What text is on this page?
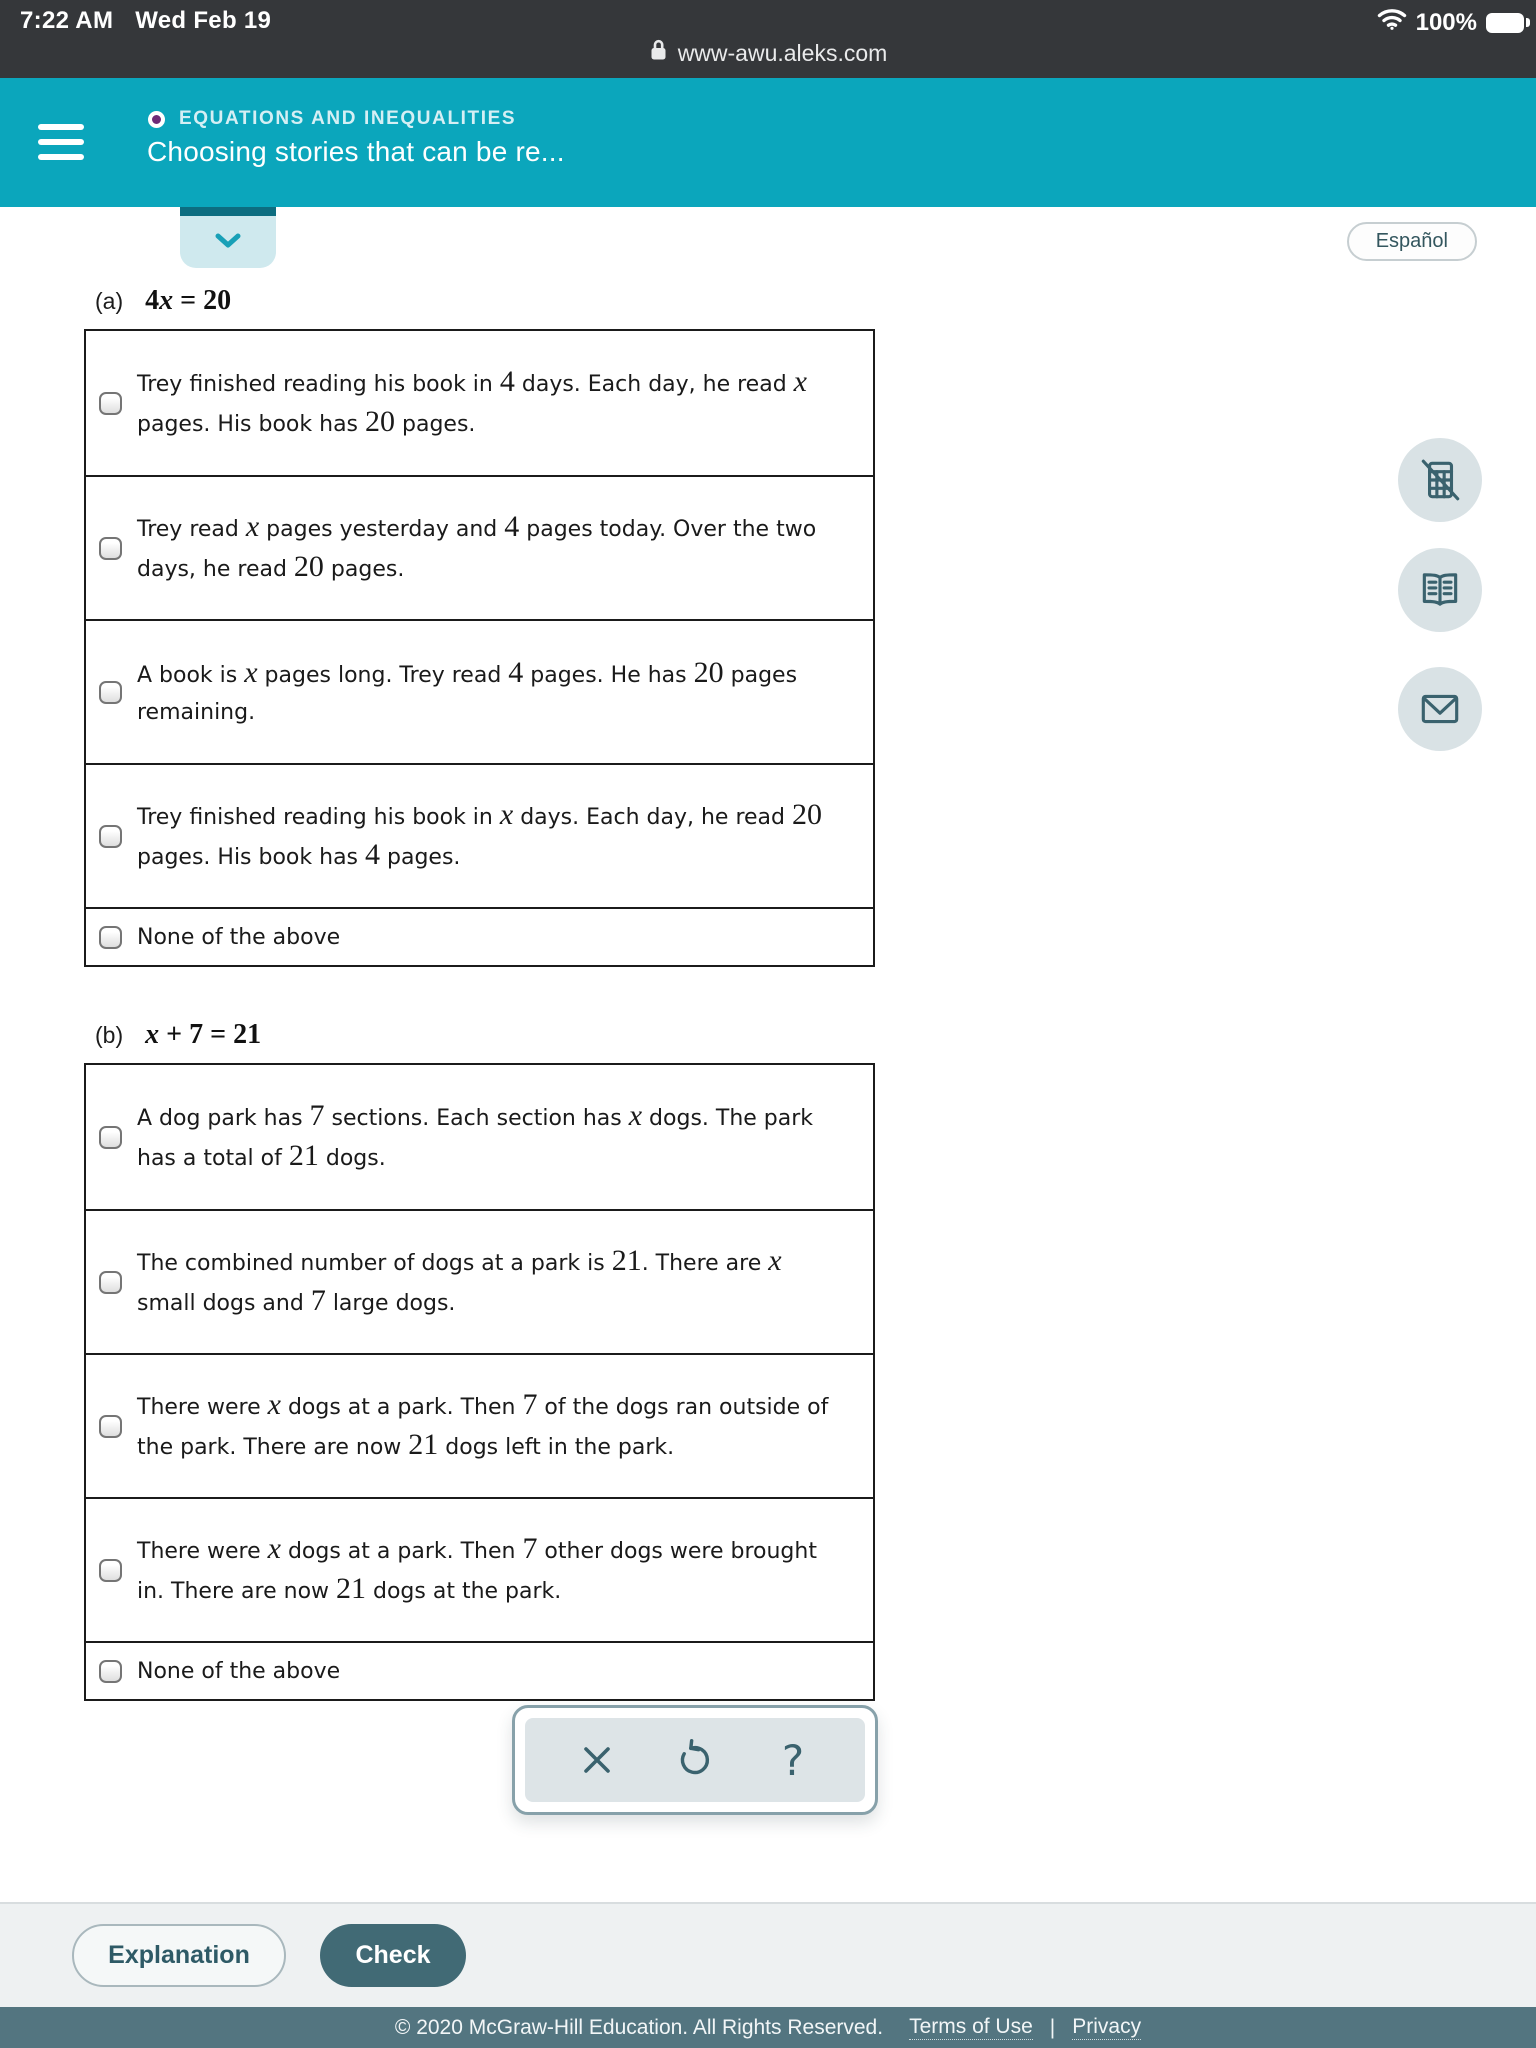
7:22 AM Wed Feb 19	100%
www-awu.aleks.com
EQUATIONS AND INEQUALITIES
Choosing stories that can be re...
Español
(a) 4x = 20

Trey finished reading his book in 4 days. Each day, he read x pages. His book has 20 pages.

Trey read x pages yesterday and 4 pages today. Over the two days, he read 20 pages.

A book is x pages long. Trey read 4 pages. He has 20 pages remaining.

Trey finished reading his book in x days. Each day, he read 20 pages. His book has 4 pages.

None of the above

(b) x + 7 = 21

A dog park has 7 sections. Each section has x dogs. The park has a total of 21 dogs.

The combined number of dogs at a park is 21. There are x small dogs and 7 large dogs.

There were x dogs at a park. Then 7 of the dogs ran outside of the park. There are now 21 dogs left in the park.

There were x dogs at a park. Then 7 other dogs were brought in. There are now 21 dogs at the park.

None of the above

?
Explanation	Check
© 2020 McGraw-Hill Education. All Rights Reserved. Terms of Use | Privacy
